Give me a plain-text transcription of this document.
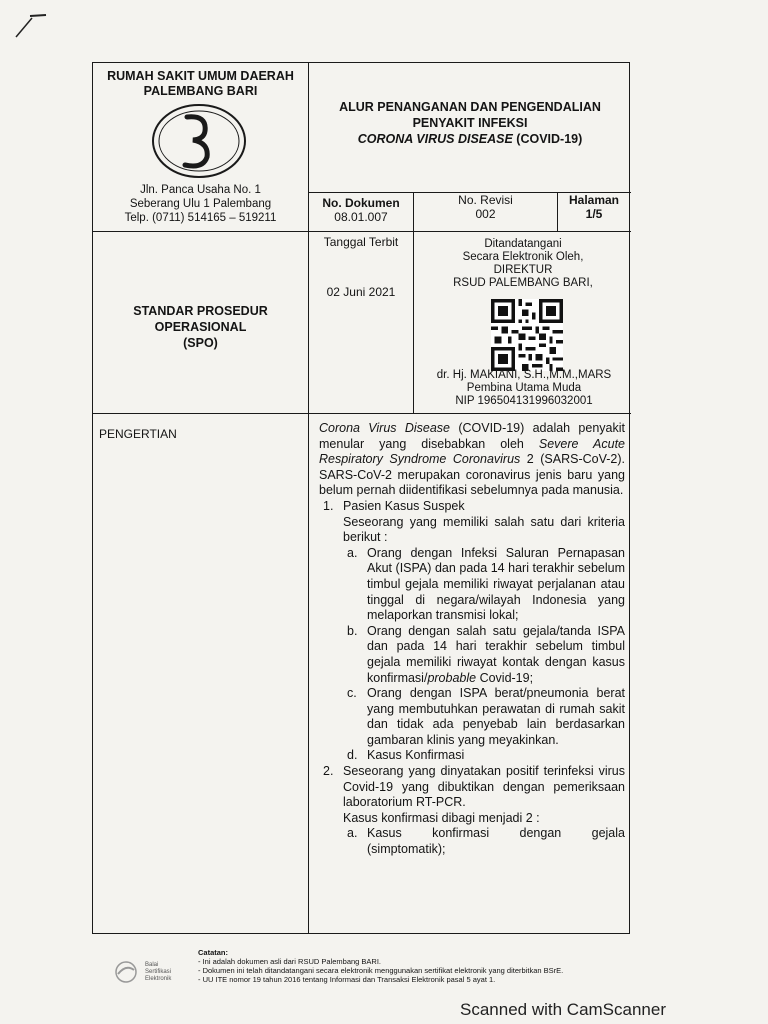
RUMAH SAKIT UMUM DAERAH
PALEMBANG BARI
Jln. Panca Usaha No. 1
Seberang Ulu 1 Palembang
Telp. (0711) 514165 – 519211
ALUR PENANGANAN DAN PENGENDALIAN
PENYAKIT INFEKSI
CORONA VIRUS DISEASE (COVID-19)
No. Dokumen
08.01.007
No. Revisi
002
Halaman
1/5
STANDAR PROSEDUR
OPERASIONAL
(SPO)
Tanggal Terbit
02 Juni 2021
Ditandatangani
Secara Elektronik Oleh,
DIREKTUR
RSUD PALEMBANG BARI,
dr. Hj. MAKIANI, S.H.,M.M.,MARS
Pembina Utama Muda
NIP 196504131996032001
PENGERTIAN	Corona Virus Disease (COVID-19) adalah penyakit menular yang disebabkan oleh Severe Acute Respiratory Syndrome Coronavirus 2 (SARS-CoV-2). SARS-CoV-2 merupakan coronavirus jenis baru yang belum pernah diidentifikasi sebelumnya pada manusia.

1. Pasien Kasus Suspek
Seseorang yang memiliki salah satu dari kriteria berikut :
a. Orang dengan Infeksi Saluran Pernapasan Akut (ISPA) dan pada 14 hari terakhir sebelum timbul gejala memiliki riwayat perjalanan atau tinggal di negara/wilayah Indonesia yang melaporkan transmisi lokal;
b. Orang dengan salah satu gejala/tanda ISPA dan pada 14 hari terakhir sebelum timbul gejala memiliki riwayat kontak dengan kasus konfirmasi/probable Covid-19;
c. Orang dengan ISPA berat/pneumonia berat yang membutuhkan perawatan di rumah sakit dan tidak ada penyebab lain berdasarkan gambaran klinis yang meyakinkan.
d. Kasus Konfirmasi
2. Seseorang yang dinyatakan positif terinfeksi virus Covid-19 yang dibuktikan dengan pemeriksaan laboratorium RT-PCR.
Kasus konfirmasi dibagi menjadi 2 :
a. Kasus konfirmasi dengan gejala (simptomatik);
Balai
Sertifikasi
Elektronik
Catatan:
- Ini adalah dokumen asli dari RSUD Palembang BARI.
- Dokumen ini telah ditandatangani secara elektronik menggunakan sertifikat elektronik yang diterbitkan BSrE.
- UU ITE nomor 19 tahun 2016 tentang Informasi dan Transaksi Elektronik pasal 5 ayat 1.
Scanned with CamScanner
